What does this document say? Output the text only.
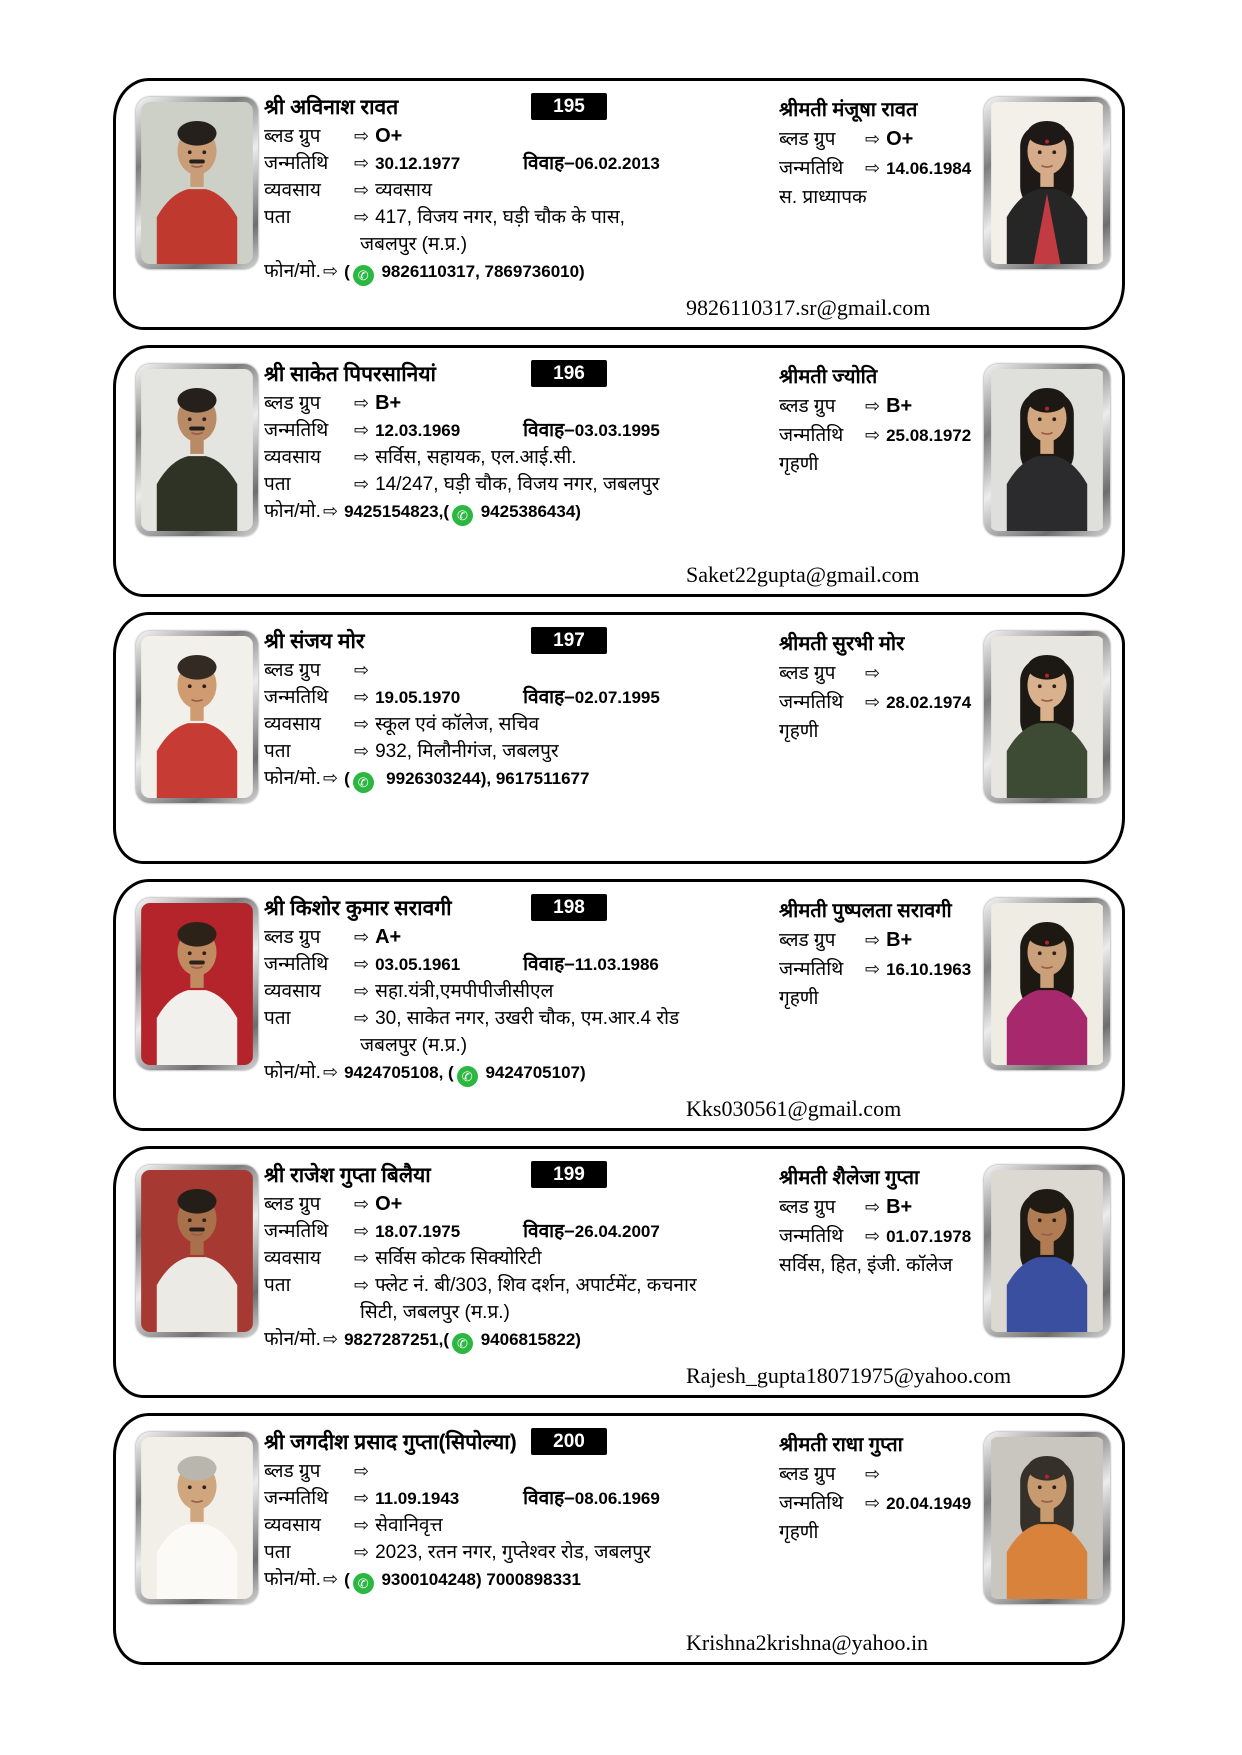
195
श्री अविनाश रावत
ब्लड ग्रुप	⇨ O+
जन्मतिथि	⇨ 30.12.1977	विवाह–06.02.2013
व्यवसाय	⇨ व्यवसाय
पता	⇨ 417, विजय नगर, घड़ी चौक के पास,
जबलपुर (म.प्र.)
फोन/मो. ⇨ ( ✆ 9826110317, 7869736010)
श्रीमती मंजूषा रावत
ब्लड ग्रुप	⇨ O+
जन्मतिथि	⇨ 14.06.1984
स. प्राध्यापक
9826110317.sr@gmail.com
196
श्री साकेत पिपरसानियां
ब्लड ग्रुप	⇨ B+
जन्मतिथि	⇨ 12.03.1969	विवाह–03.03.1995
व्यवसाय	⇨ सर्विस, सहायक, एल.आई.सी.
पता	⇨ 14/247, घड़ी चौक, विजय नगर, जबलपुर
फोन/मो. ⇨ 9425154823,( ✆ 9425386434)
श्रीमती ज्योति
ब्लड ग्रुप	⇨ B+
जन्मतिथि	⇨ 25.08.1972
गृहणी
Saket22gupta@gmail.com
197
श्री संजय मोर
ब्लड ग्रुप	⇨
जन्मतिथि	⇨ 19.05.1970	विवाह–02.07.1995
व्यवसाय	⇨ स्कूल एवं कॉलेज, सचिव
पता	⇨ 932, मिलौनीगंज, जबलपुर
फोन/मो. ⇨ ( ✆ 9926303244), 9617511677
श्रीमती सुरभी मोर
ब्लड ग्रुप	⇨
जन्मतिथि	⇨ 28.02.1974
गृहणी
198
श्री किशोर कुमार सरावगी
ब्लड ग्रुप	⇨ A+
जन्मतिथि	⇨ 03.05.1961	विवाह–11.03.1986
व्यवसाय	⇨ सहा.यंत्री,एमपीपीजीसीएल
पता	⇨ 30, साकेत नगर, उखरी चौक, एम.आर.4 रोड
जबलपुर (म.प्र.)
फोन/मो. ⇨ 9424705108, ( ✆ 9424705107)
श्रीमती पुष्पलता सरावगी
ब्लड ग्रुप	⇨ B+
जन्मतिथि	⇨ 16.10.1963
गृहणी
Kks030561@gmail.com
199
श्री राजेश गुप्ता बिलैया
ब्लड ग्रुप	⇨ O+
जन्मतिथि	⇨ 18.07.1975	विवाह–26.04.2007
व्यवसाय	⇨ सर्विस कोटक सिक्योरिटी
पता	⇨ फ्लेट नं. बी/303, शिव दर्शन, अपार्टमेंट, कचनार
सिटी, जबलपुर (म.प्र.)
फोन/मो. ⇨ 9827287251,( ✆ 9406815822)
श्रीमती शैलेजा गुप्ता
ब्लड ग्रुप	⇨ B+
जन्मतिथि	⇨ 01.07.1978
सर्विस, हित, इंजी. कॉलेज
Rajesh_gupta18071975@yahoo.com
200
श्री जगदीश प्रसाद गुप्ता(सिपोल्या)
ब्लड ग्रुप	⇨
जन्मतिथि	⇨ 11.09.1943	विवाह–08.06.1969
व्यवसाय	⇨ सेवानिवृत्त
पता	⇨ 2023, रतन नगर, गुप्तेश्वर रोड, जबलपुर
फोन/मो. ⇨ ( ✆ 9300104248) 7000898331
श्रीमती राधा गुप्ता
ब्लड ग्रुप	⇨
जन्मतिथि	⇨ 20.04.1949
गृहणी
Krishna2krishna@yahoo.in
